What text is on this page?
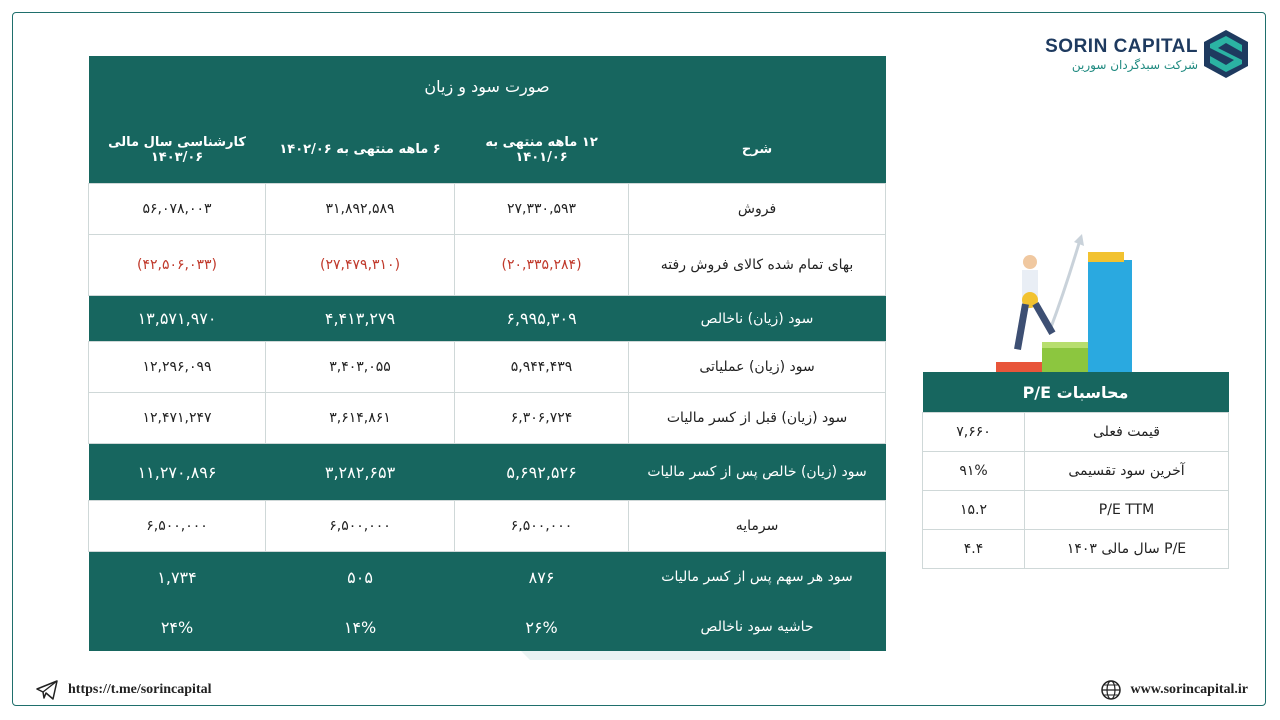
SORIN CAPITAL
شرکت سبدگردان سورین
صورت سود و زیان			
شرح	۱۲ ماهه منتهی به ۱۴۰۱/۰۶	۶ ماهه منتهی به ۱۴۰۲/۰۶	کارشناسی سال مالی ۱۴۰۳/۰۶
فروش	۲۷,۳۳۰,۵۹۳	۳۱,۸۹۲,۵۸۹	۵۶,۰۷۸,۰۰۳
بهای تمام شده کالای فروش رفته	(۲۰,۳۳۵,۲۸۴)	(۲۷,۴۷۹,۳۱۰)	(۴۲,۵۰۶,۰۳۳)
سود (زیان) ناخالص	۶,۹۹۵,۳۰۹	۴,۴۱۳,۲۷۹	۱۳,۵۷۱,۹۷۰
سود (زیان) عملیاتی	۵,۹۴۴,۴۳۹	۳,۴۰۳,۰۵۵	۱۲,۲۹۶,۰۹۹
سود (زیان) قبل از کسر مالیات	۶,۳۰۶,۷۲۴	۳,۶۱۴,۸۶۱	۱۲,۴۷۱,۲۴۷
سود (زیان) خالص پس از کسر مالیات	۵,۶۹۲,۵۲۶	۳,۲۸۲,۶۵۳	۱۱,۲۷۰,۸۹۶
سرمایه	۶,۵۰۰,۰۰۰	۶,۵۰۰,۰۰۰	۶,۵۰۰,۰۰۰
سود هر سهم پس از کسر مالیات	۸۷۶	۵۰۵	۱,۷۳۴
حاشیه سود ناخالص	۲۶%	۱۴%	۲۴%
محاسبات P/E	
قیمت فعلی	۷,۶۶۰
آخرین سود تقسیمی	۹۱%
P/E TTM	۱۵.۲
P/E سال مالی ۱۴۰۳	۴.۴
https://t.me/sorincapital	www.sorincapital.ir
